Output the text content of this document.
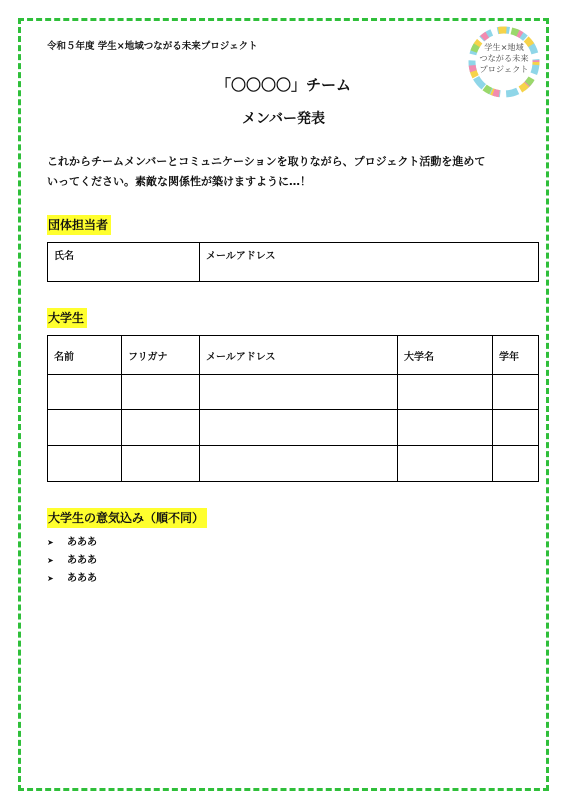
令和５年度 学生×地域つながる未来プロジェクト	学生×地域
つながる未来
プロジェクト
「〇〇〇〇」チーム
メンバー発表
これからチームメンバーとコミュニケーションを取りながら、プロジェクト活動を進めて
いってください。素敵な関係性が築けますように…！
団体担当者
氏名	メールアドレス
大学生
名前	フリガナ	メールアドレス	大学名	学年

大学生の意気込み（順不同）
➤	あああ
➤	あああ
➤	あああ
